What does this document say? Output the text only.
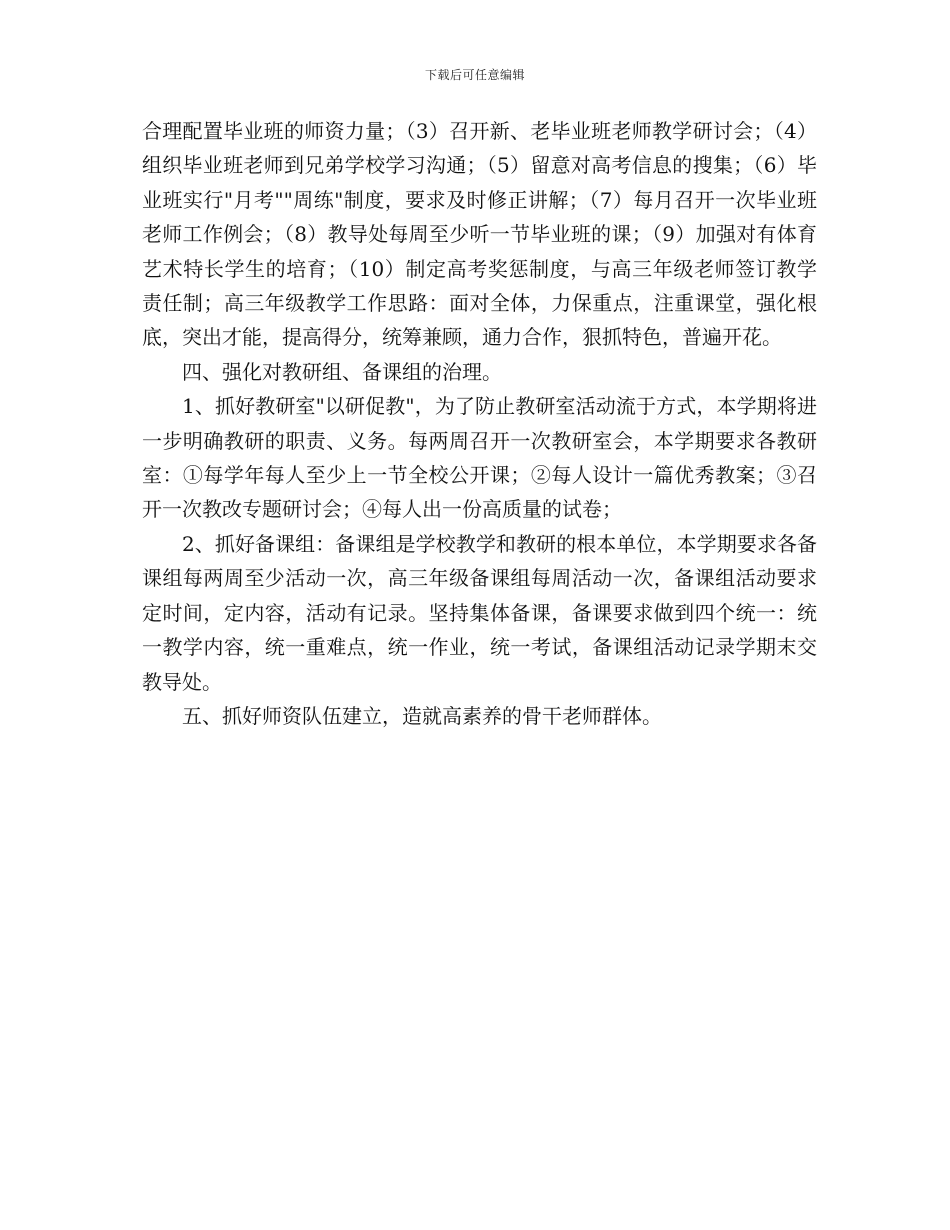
下载后可任意编辑

合理配置毕业班的师资力量；（3）召开新、老毕业班老师教学研讨会；（4）组织毕业班老师到兄弟学校学习沟通；（5）留意对高考信息的搜集；（6）毕业班实行"月考""周练"制度，要求及时修正讲解；（7）每月召开一次毕业班老师工作例会；（8）教导处每周至少听一节毕业班的课；（9）加强对有体育艺术特长学生的培育；（10）制定高考奖惩制度，与高三年级老师签订教学责任制；高三年级教学工作思路：面对全体，力保重点，注重课堂，强化根底，突出才能，提高得分，统筹兼顾，通力合作，狠抓特色，普遍开花。

四、强化对教研组、备课组的治理。

1、抓好教研室"以研促教"，为了防止教研室活动流于方式，本学期将进一步明确教研的职责、义务。每两周召开一次教研室会，本学期要求各教研室：①每学年每人至少上一节全校公开课；②每人设计一篇优秀教案；③召开一次教改专题研讨会；④每人出一份高质量的试卷；

2、抓好备课组：备课组是学校教学和教研的根本单位，本学期要求各备课组每两周至少活动一次，高三年级备课组每周活动一次，备课组活动要求定时间，定内容，活动有记录。坚持集体备课，备课要求做到四个统一：统一教学内容，统一重难点，统一作业，统一考试，备课组活动记录学期末交教导处。

五、抓好师资队伍建立，造就高素养的骨干老师群体。
